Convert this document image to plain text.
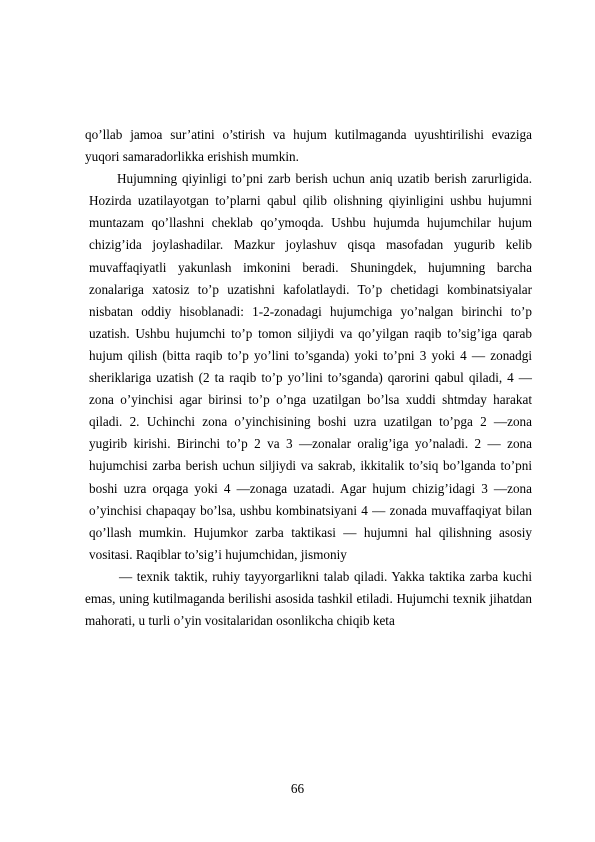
qo’llab jamoa sur’atini o’stirish va hujum kutilmaganda uyushtirilishi evaziga yuqori samaradorlikka erishish mumkin.

Hujumning qiyinligi to’pni zarb berish uchun aniq uzatib berish zarurligida. Hozirda uzatilayotgan to’plarni qabul qilib olishning qiyinligini ushbu hujumni muntazam qo’llashni cheklab qo’ymoqda. Ushbu hujumda hujumchilar hujum chizig’ida joylashadilar. Mazkur joylashuv qisqa masofadan yugurib kelib muvaffaqiyatli yakunlash imkonini beradi. Shuningdek, hujumning barcha zonalariga xatosiz to’p uzatishni kafolatlaydi. To’p chetidagi kombinatsiyalar nisbatan oddiy hisoblanadi: 1-2-zonadagi hujumchiga yo’nalgan birinchi to’p uzatish. Ushbu hujumchi to’p tomon siljiydi va qo’yilgan raqib to’sig’iga qarab hujum qilish (bitta raqib to’p yo’lini to’sganda) yoki to’pni 3 yoki 4 — zonadgi sheriklariga uzatish (2 ta raqib to’p yo’lini to’sganda) qarorini qabul qiladi, 4 —zona o’yinchisi agar birinsi to’p o’nga uzatilgan bo’lsa xuddi shtmday harakat qiladi. 2. Uchinchi zona o’yinchisining boshi uzra uzatilgan to’pga 2 —zona yugirib kirishi. Birinchi to’p 2 va 3 —zonalar oralig’iga yo’naladi. 2 — zona hujumchisi zarba berish uchun siljiydi va sakrab, ikkitalik to’siq bo’lganda to’pni boshi uzra orqaga yoki 4 —zonaga uzatadi. Agar hujum chizig’idagi 3 —zona o’yinchisi chapaqay bo’lsa, ushbu kombinatsiyani 4 — zonada muvaffaqiyat bilan qo’llash mumkin. Hujumkor zarba taktikasi — hujumni hal qilishning asosiy vositasi. Raqiblar to’sig’i hujumchidan, jismoniy

— texnik taktik, ruhiy tayyorgarlikni talab qiladi. Yakka taktika zarba kuchi emas, uning kutilmaganda berilishi asosida tashkil etiladi. Hujumchi texnik jihatdan mahorati, u turli o’yin vositalaridan osonlikcha chiqib keta

66
